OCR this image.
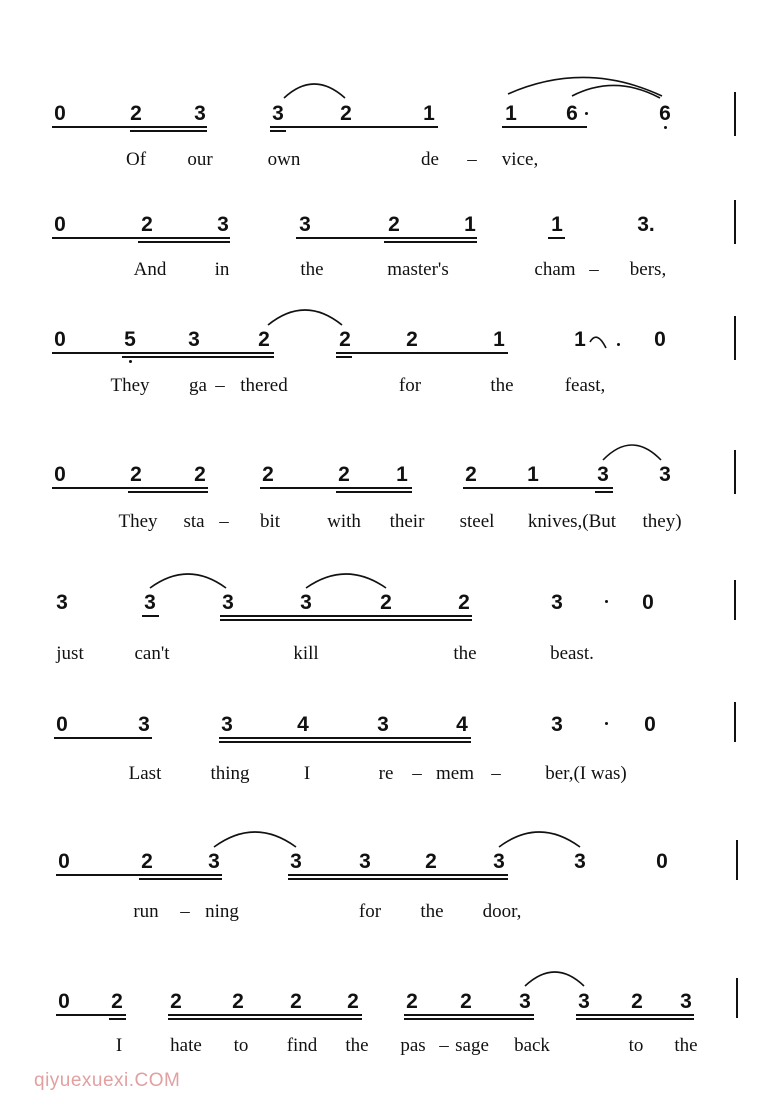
0	2 3	3	2	1	1 6	6
Of our	own	de – vice,
0	2	3	3	2	1	1	3.
And	in	the	master's	cham – bers,
0	5 3	2	2	2	1	1	0
They ga – thered	for	the	feast,
0	2 2	2	2 1	2 1	3 3
They sta – bit with their steel knives,(But they)
3	3	3	3	2	2	3	0
just	can't	kill	the	beast.
0	3	3	4	3	4	3	0
Last	thing	I	re – mem – ber,(I was)
0	2	3	3	3	2	3	3	0
run – ning	for the door,
0 2 2 2 2 2 2 2 3 3 2 3
I	hate to find the pas – sage back	to the
qiyuexuexi.COM
